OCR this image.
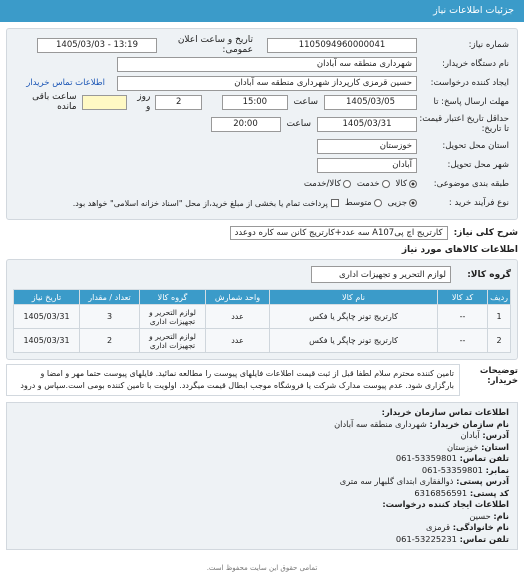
جزئیات اطلاعات نیاز
شماره نیاز:
1105094960000041
تاریخ و ساعت اعلان عمومی:
1405/03/03 - 13:19
نام دستگاه خریدار:
شهرداری منطقه سه آبادان
ایجاد کننده درخواست:
حسین قرمزی کارپرداز شهرداری منطقه سه آبادان
اطلاعات تماس خریدار
مهلت ارسال پاسخ: تا
1405/03/05
ساعت
15:00
2
روز و
ساعت باقی مانده
حداقل تاریخ اعتبار قیمت: تا تاریخ:
1405/03/31
ساعت
20:00
استان محل تحویل:
خوزستان
شهر محل تحویل:
آبادان
طبقه بندی موضوعی:
کالا
خدمت
کالا/خدمت
نوع فرآیند خرید :
جزیی
متوسط
پرداخت تمام یا بخشی از مبلغ خرید،از محل "اسناد خزانه اسلامی" خواهد بود.
شرح کلی نیاز:
کارتریج اچ پیA107 سه عدد+کارتریج کانن سه کاره دوعدد
اطلاعات کالاهای مورد نیاز
گروه کالا:
لوازم التحریر و تجهیزات اداری
ردیف	کد کالا	نام کالا	واحد شمارش	گروه کالا	تعداد / مقدار	تاریخ نیاز
1	--	کارتریج تونر چاپگر یا فکس	عدد	لوازم التحریر و تجهیزات اداری	3	1405/03/31
2	--	کارتریج تونر چاپگر یا فکس	عدد	لوازم التحریر و تجهیزات اداری	2	1405/03/31
توضیحات خریدار:
تامین کننده محترم سلام لطفا قبل از ثبت قیمت اطلاعات فایلهای پیوست را مطالعه نمائید. فایلهای پیوست حتما مهر و امضا و بارگزاری شود. عدم پیوست مدارک شرکت یا فروشگاه موجب ابطال قیمت میگردد. اولویت با تامین کننده بومی است.سپاس و درود
اطلاعات تماس سازمان خریدار:
نام سازمان خریدار: شهرداری منطقه سه آبادان
آدرس: آبادان
استان: خوزستان
تلفن تماس: 53359801-061
نمابر: 53359801-061
آدرس پستی: ذوالفقاری ابتدای گلبهار سه متری
کد پستی: 6316856591
اطلاعات ایجاد کننده درخواست:
نام: حسین
نام خانوادگی: قرمزی
تلفن تماس: 53225231-061
تمامی حقوق این سایت محفوظ است.
